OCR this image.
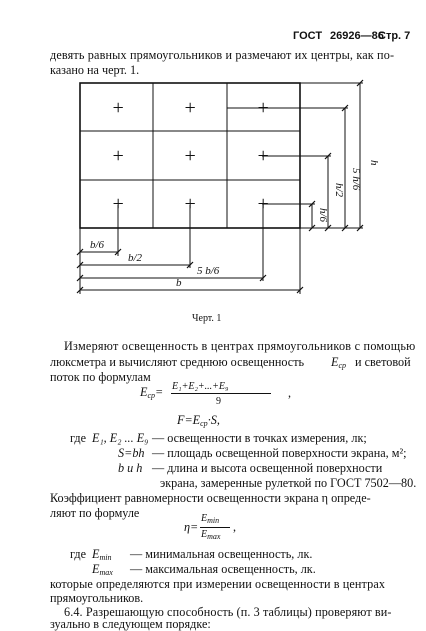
ГОСТ 26926—86
Стр. 7
девять равных прямоугольников и размечают их центры, как по-
казано на черт. 1.
+	+	+
+	+	+
+	+	+
b/6
b/2
5 b/6
b
h
5 h/6
h/2
h/6
Черт. 1
Измеряют освещенность в центрах прямоугольников с помощью
люксметра и вычисляют среднюю освещенность $E_{ср}$ и световой
поток по формулам
$E_{ср}= E_1+E_2+...+E_9$
9
,
$F=E_{ср}\cdot S$,
где E₁, E₂ ... E₉ — освещенности в точках измерения, лк;
S=bh — площадь освещенной поверхности экрана, м²;
b и h — длина и высота освещенной поверхности
экрана, замеренные рулеткой по ГОСТ 7502—80.
Коэффициент равномерности освещенности экрана η опреде-
ляют по формуле
η=
$E_{min}$
$E_{max}$
,
где $E_{min}$ — минимальная освещенность, лк.
$E_{max}$ — максимальная освещенность, лк.
которые определяются при измерении освещенности в центрах
прямоугольников.
6.4. Разрешающую способность (п. 3 таблицы) проверяют ви-
зуально в следующем порядке:
